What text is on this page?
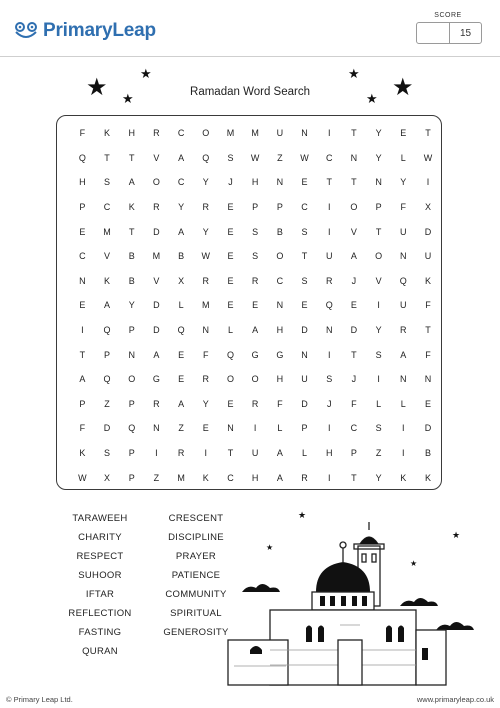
PrimaryLeap
SCORE
15
★
★
★
★
★ ★
Ramadan Word Search
F	K	H	R	C	O	M	M	U	N	I	T	Y	E	T
Q	T	T	V	A	Q	S	W	Z	W	C	N	Y	L	W
H	S	A	O	C	Y	J	H	N	E	T	T	N	Y	I
P	C	K	R	Y	R	E	P	P	C	I	O	P	F	X
E	M	T	D	A	Y	E	S	B	S	I	V	T	U	D
C	V	B	M	B	W	E	S	O	T	U	A	O	N	U
N	K	B	V	X	R	E	R	C	S	R	J	V	Q	K
E	A	Y	D	L	M	E	E	N	E	Q	E	I	U	F
I	Q	P	D	Q	N	L	A	H	D	N	D	Y	R	T
T	P	N	A	E	F	Q	G	G	N	I	T	S	A	F
A	Q	O	G	E	R	O	O	H	U	S	J	I	N	N
P	Z	P	R	A	Y	E	R	F	D	J	F	L	L	E
F	D	Q	N	Z	E	N	I	L	P	I	C	S	I	D
K	S	P	I	R	I	T	U	A	L	H	P	Z	I	B
W	X	P	Z	M	K	C	H	A	R	I	T	Y	K	K
TARAWEEH	CRESCENT
CHARITY	DISCIPLINE
RESPECT	PRAYER
SUHOOR	PATIENCE
IFTAR	COMMUNITY
REFLECTION	SPIRITUAL
FASTING	GENEROSITY
QURAN
★
★
★
★
© Primary Leap Ltd.	www.primaryleap.co.uk
